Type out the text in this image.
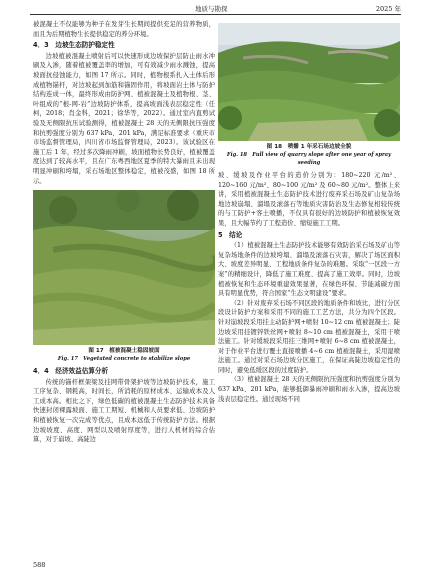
地质与勘探	2025 年

被混凝土不仅能够为种子在发芽生长期间提供充足的营养物质，而且为后期植物生长提供稳定的养分环境。

4．3　边坡生态防护稳定性

边坡植被混凝土喷射后可以快速形成边坡保护层防止雨水冲刷及入渗，随着植被覆盖率的增加，可有效减少雨水溅蚀，提高坡面抗侵蚀能力，如图 17 所示。同时，植物根系扎入土体后形成植物锚杆，对边坡起到加筋和锚固作用，将坡面岩土体与防护结构连成一体，最终形成由防护网、植被混凝土及植物根、茎、叶组成的“根-网-岩”边坡防护体系，提高坡面浅表层稳定性（任柯，2018；肖金科，2021；徐华等，2022）。通过室内直剪试验及无侧限抗压试验测得，植被混凝土 28 天的无侧限抗压强度和抗剪强度分别为 637 kPa、201 kPa，满足标准要求（重庆市市场监督管理局，四川省市场监督管理局，2023）。该试验区在施工后 1 年，经过多次降雨冲刷，坡面植物长势良好，植被覆盖度达到了较高水平，且在广东粤西地区夏季的特大暴雨且未出现明显冲刷和垮塌，采石场地区整体稳定，植被茂盛，如图 18 所示。

图 17　植被混凝土稳固坡面
Fig. 17　Vegetated concrete to stabilize slope
4．4　经济效益估算分析

传统的锚杆框架梁及挂网带骨架护坡等边坡防护技术，施工工序复杂、钢耗高，时间长，所消耗的原材成本、运输成本及人工成本高。相比之下，绿色低碳的植被混凝土生态防护技术具备快速封闭裸露坡面、施工工期短、机械和人员要求低、边坡防护和植被恢复一次完成等优点，且成本远低于传统防护方法。根据边坡坡度、高度、网型以及喷射厚度等，进行人机材的综合估算，对于崩坡、高陡边

图 18　喷播 1 年采石场边坡全貌
Fig. 18　Full view of quarry slope after one year of spray seeding

坡、缓坡及作业平台的造价分别为：180~220 元/m²、120~160 元/m²、80~100 元/m² 及 60~80 元/m²。整体上来讲，采用植被混凝土生态防护技术进行废弃采石场及矿山复杂场地边坡崩塌、溜塌及滚落石等地质灾害防治及生态修复相较传统的与工防护+客土喷播，不仅具有很好的边坡防护和植被恢复效果，且大幅节约了工程造价、缩短施工工期。

5　结论

（1）植被混凝土生态防护技术能够有效防治采石场及矿山等复杂场地条件的边坡垮塌、溜塌及滚落石灾害，解决了场区面积大、坡度差异明显、工程地质条件复杂的难题。采取“一区段一方案”的精细设计，降低了施工难度、提高了施工效率。同时，边坡植被恢复和生态环境重建效果显著，在绿色环保、节能减碳方面具有明显优势，符合国家“生态文明建设”要求。

（2）针对废弃采石场不同区段的地质条件和坡比，进行分区段设计防护方案和采用不同的施工工艺方法，共分为四个区段。针对崩坡段采用挂主动防护网+喷射 10~12 cm 植被混凝土；陡边坡采用挂镀锌铁丝网+喷射 8~10 cm 植被混凝土，采用干喷法施工。针对缓坡段采用挂三维网+喷射 6~8 cm 植被混凝土，对于作业平台进行覆土直接喷播 4~6 cm 植被混凝土，采用湿喷法施工。通过对采石场边坡分区施工，在保证高陡边坡稳定性的同时，避免低缓区段的过度防护。

（3）植被混凝土 28 天的无侧限抗压强度和抗剪强度分别为 637 kPa、201 kPa，能够抵御暴雨冲刷和雨水入渗，提高边坡浅表层稳定性。通过现场不同

588
